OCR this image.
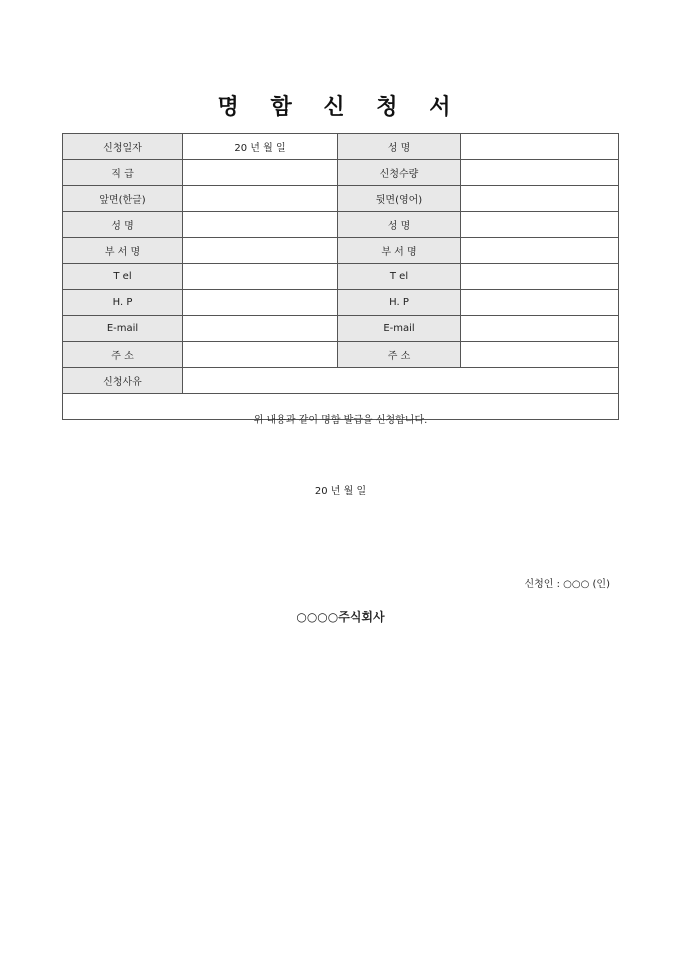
명 함 신 청 서
신청일자	20 년 월 일	성 명	
직 급		신청수량	
앞면(한글)		뒷면(영어)	
성 명		성 명	
부 서 명		부 서 명	
T el		T el	
H. P		H. P	
E-mail		E-mail	
주 소		주 소	
신청사유			

위 내용과 같이 명함 발급을 신청합니다.
20 년 월 일
신청인 : ○○○ (인)
○○○○주식회사			
